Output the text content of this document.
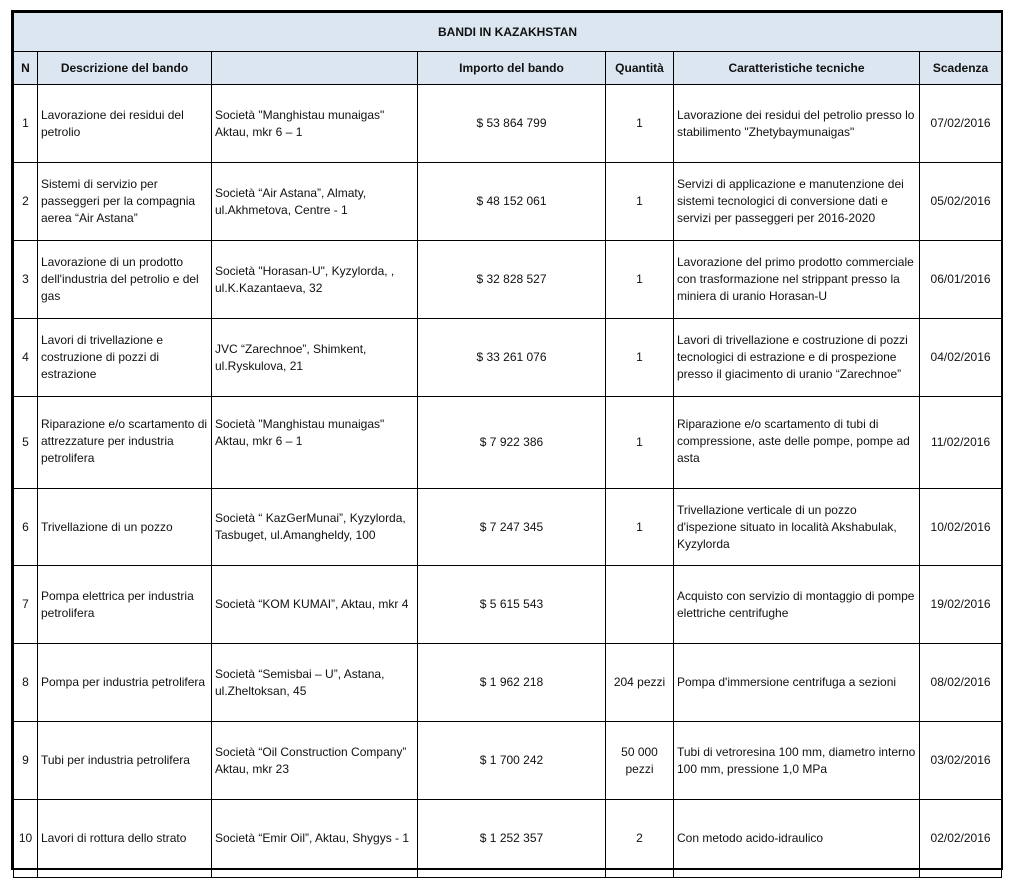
BANDI IN KAZAKHSTAN						
N	Descrizione del bando		Importo del bando	Quantità	Caratteristiche tecniche	Scadenza
1	Lavorazione dei residui del petrolio	Società "Manghistau munaigas" Aktau, mkr 6 – 1	$ 53 864 799	1	Lavorazione dei residui del petrolio presso lo stabilimento "Zhetybaymunaigas"	07/02/2016
2	Sistemi di servizio per passeggeri per la compagnia aerea “Air Astana”	Società “Air Astana”, Almaty, ul.Akhmetova, Centre - 1	$ 48 152 061	1	Servizi di applicazione e manutenzione dei sistemi tecnologici di conversione dati e servizi per passeggeri per 2016-2020	05/02/2016
3	Lavorazione di un prodotto dell'industria del petrolio e del gas	Società "Horasan-U", Kyzylorda, , ul.K.Kazantaeva, 32	$ 32 828 527	1	Lavorazione del primo prodotto commerciale con trasformazione nel strippant presso la miniera di uranio Horasan-U	06/01/2016
4	Lavori di trivellazione e costruzione di pozzi di estrazione	JVC “Zarechnoe”, Shimkent, ul.Ryskulova, 21	$ 33 261 076	1	Lavori di trivellazione e costruzione di pozzi tecnologici di estrazione e di prospezione presso il giacimento di uranio “Zarechnoe”	04/02/2016
5	Riparazione e/o scartamento di attrezzature per industria petrolifera	Società "Manghistau munaigas" Aktau, mkr 6 – 1	$ 7 922 386	1	Riparazione e/o scartamento di tubi di compressione, aste delle pompe, pompe ad asta	11/02/2016
6	Trivellazione di un pozzo	Società “ KazGerMunai”, Kyzylorda, Tasbuget, ul.Amangheldy, 100	$ 7 247 345	1	Trivellazione verticale di un pozzo d'ispezione situato in località Akshabulak, Kyzylorda	10/02/2016
7	Pompa elettrica per industria petrolifera	Società “KOM KUMAI”, Aktau, mkr 4	$ 5 615 543		Acquisto con servizio di montaggio di pompe elettriche centrifughe	19/02/2016
8	Pompa per industria petrolifera	Società “Semisbai – U”, Astana, ul.Zheltoksan, 45	$ 1 962 218	204 pezzi	Pompa d'immersione centrifuga a sezioni	08/02/2016
9	Tubi per industria petrolifera	Società “Oil Construction Company” Aktau, mkr 23	$ 1 700 242	50 000 pezzi	Tubi di vetroresina 100 mm, diametro interno 100 mm, pressione 1,0 MPa	03/02/2016
10	Lavori di rottura dello strato	Società “Emir Oil”, Aktau, Shygys - 1	$ 1 252 357	2	Con metodo acido-idraulico	02/02/2016
